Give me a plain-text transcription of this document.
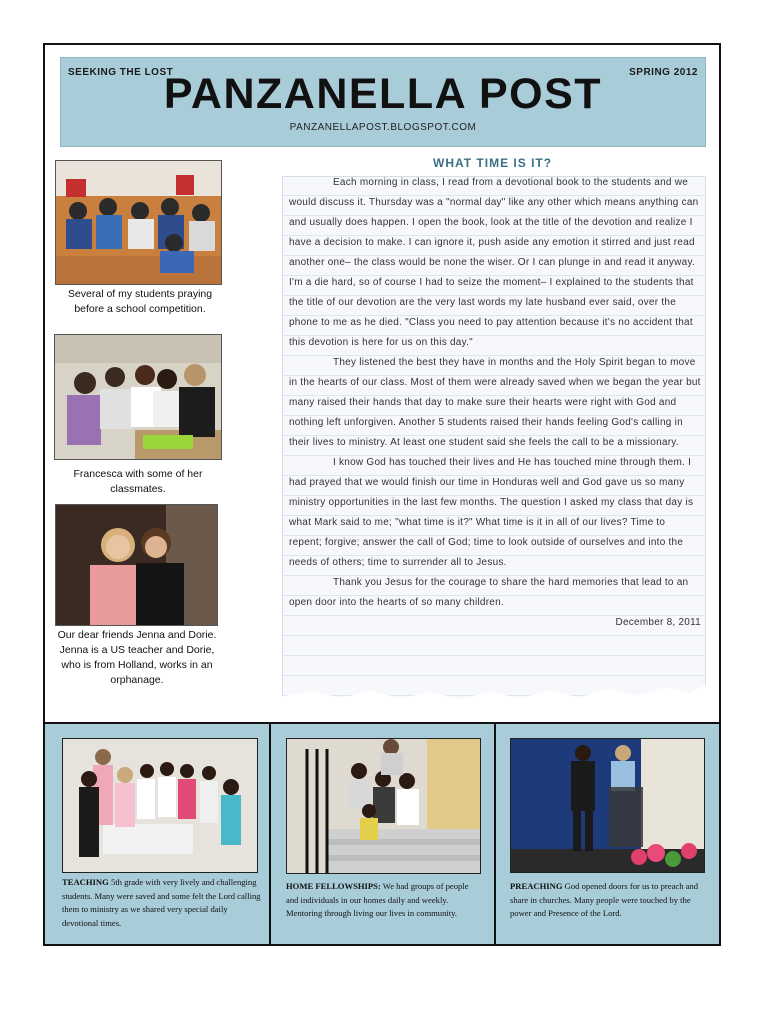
SEEKING THE LOST	SPRING 2012
PANZANELLA POST
PANZANELLAPOST.BLOGSPOT.COM
Several of my students praying before a school competition.
Francesca with some of her classmates.
Our dear friends Jenna and Dorie. Jenna is a US teacher and Dorie, who is from Holland, works in an orphanage.
WHAT TIME IS IT?

Each morning in class, I read from a devotional book to the students and we would discuss it. Thursday was a "normal day" like any other which means anything can and usually does happen. I open the book, look at the title of the devotion and realize I have a decision to make. I can ignore it, push aside any emotion it stirred and just read another one– the class would be none the wiser. Or I can plunge in and read it anyway. I'm a die hard, so of course I had to seize the moment– I explained to the students that the title of our devotion are the very last words my late husband ever said, over the phone to me as he died. "Class you need to pay attention because it's no accident that this devotion is here for us on this day."

They listened the best they have in months and the Holy Spirit began to move in the hearts of our class. Most of them were already saved when we began the year but many raised their hands that day to make sure their hearts were right with God and nothing left unforgiven. Another 5 students raised their hands feeling God's calling in their lives to ministry. At least one student said she feels the call to be a missionary.

I know God has touched their lives and He has touched mine through them. I had prayed that we would finish our time in Honduras well and God gave us so many ministry opportunities in the last few months. The question I asked my class that day is what Mark said to me; "what time is it?" What time is it in all of our lives? Time to repent; forgive; answer the call of God; time to look outside of ourselves and into the needs of others; time to surrender all to Jesus.

Thank you Jesus for the courage to share the hard memories that lead to an open door into the hearts of so many children.

December 8, 2011
TEACHING 5th grade with very lively and challenging students. Many were saved and some felt the Lord calling them to ministry as we shared very special daily devotional times.
HOME FELLOWSHIPS: We had groups of people and individuals in our homes daily and weekly. Mentoring through living our lives in community.
PREACHING God opened doors for us to preach and share in churches. Many people were touched by the power and Presence of the Lord.
